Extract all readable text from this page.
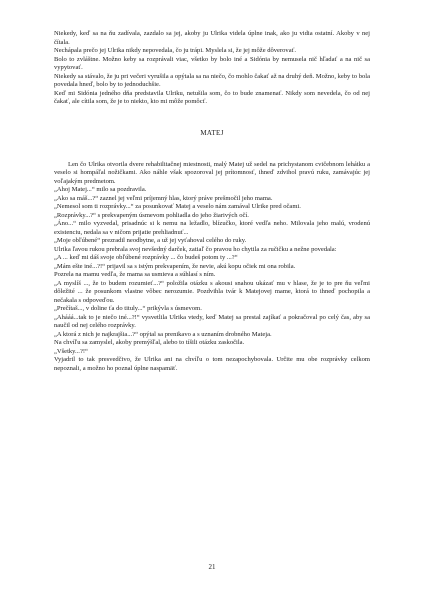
Niekedy, keď sa na ňu zadívala, zazdalo sa jej, akoby ju Ulrika videla úplne inak, ako ju vidia ostatní. Akoby v nej čítala.

Nechápala prečo jej Ulrika nikdy nepovedala, čo ju trápi. Myslela si, že jej môže dôverovať.

Bolo to zvláštne. Možno keby sa rozprávali viac, všetko by bolo iné a Sidónia by nemusela nič hľadať a na nič sa vypytovať.

Niekedy sa stávalo, že ju pri večeri vyrušila a opýtala sa na niečo, čo mohlo čakať až na druhý deň. Možno, keby to bola povedala hneď, bolo by to jednoduchšie.

Keď mi Sidónia jedného dňa predstavila Ulriku, netušila som, čo to bude znamenať. Nikdy som nevedela, čo od nej čakať, ale cítila som, že je to niekto, kto mi môže pomôcť.

MATEJ

Len čo Ulrika otvorila dvere rehabilitačnej miestnosti, malý Matej už sedel na prichystanom cvičebnom lehátku a veselo si hompáľal nožičkami. Ako náhle však spozoroval jej prítomnosť, ihneď zdvihol pravú ruku, zamávajúc jej voľajakým predmetom.

„Ahoj Matej...“ milo sa pozdravila.

„Ako sa máš...?“ zaznel jej veľmi príjemný hlas, ktorý práve prešmočil jeho mama.

„Nemesol som ti rozprávky...“ za posunkovať Matej a veselo nám zamával Ulrike pred očami.

„Rozprávky...?“ s prekvapeným úsmevom pohliadla do jeho žiarivých očí.

„Áno...“ milo vyzvedal, prisadnúc si k nemu na ležadlo, blízučko, ktoré vedľa neho. Milovala jeho malú, vrodenú existenciu, nedala sa v ničom prijatie prehliadnuť...

„Moje obľúbené“ prezradil neodbytne, a už jej vyťahoval celého do ruky.

Ulrika ľavou rukou prebrala svoj nevšedný darček, zatiaľ čo pravou ho chytila za ručičku a nežne povedala:

„A ... keď mi dáš svoje obľúbené rozprávky ... čo budeš potom ty ...?“

„Mám ešte iné...?!“ prijavil sa s istým prekvapením, že nevie, akú kopu očiek mi ona robila.

Pozrela na mamu vedľa, že mama sa usmieva a súhlasí s ním.

„A myslíš ..., že to budem rozumieť...?“ položila otázku s akousi snahou ukázať mu v hlase, že je to pre ňu veľmi dôležité ... že posunkom vlastne vôbec nerozumie. Pozdvihla tvár k Matejovej mame, ktorá to ihneď pochopila a nečakala s odpoveďou.

„Prečítaš..., v doline ťa do tituly...“ prikývla s úsmevom.

„Ahááá...tak to je niečo iné...?!“ vysvetlila Ulrika vtedy, keď Matej sa prestal zajíkať a pokračoval po celý čas, aby sa naučil od nej celého rozprávky.

„A ktorá z nich je najkrajšia...?“ opýtal sa prenikavo a s uznaním drobného Mateja.

Na chvíľu sa zamyslel, akoby premýšľal, alebo to tíšili otázku zaskočila.

„Všetky...?!“

Vyjadril to tak presvedčivo, že Ulrika ani na chvíľu o tom nezapochybovala. Určite mu obe rozprávky celkom nepoznali, a možno ho poznal úplne naspamäť.

21
